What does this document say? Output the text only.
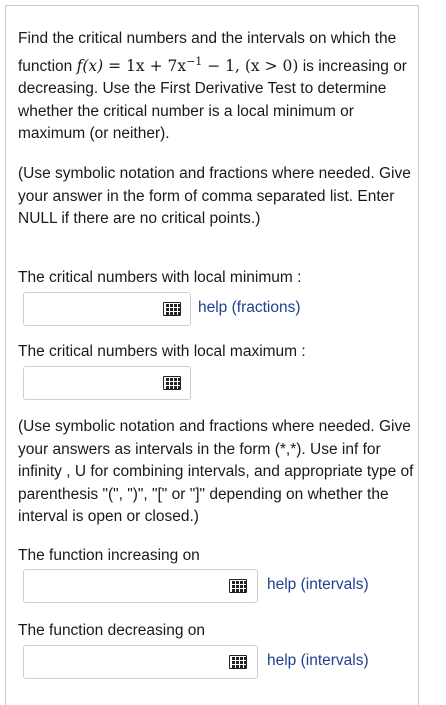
Find the critical numbers and the intervals on which the function $f(x) = 1x + 7x^{-1} - 1$, (x > 0) is increasing or decreasing. Use the First Derivative Test to determine whether the critical number is a local minimum or maximum (or neither).
(Use symbolic notation and fractions where needed. Give your answer in the form of comma separated list. Enter NULL if there are no critical points.)
The critical numbers with local minimum :
help (fractions)
The critical numbers with local maximum :
(Use symbolic notation and fractions where needed. Give your answers as intervals in the form (*,*). Use inf for infinity , U for combining intervals, and appropriate type of parenthesis "(", ")", "[" or "]" depending on whether the interval is open or closed.)
The function increasing on
help (intervals)
The function decreasing on
help (intervals)
